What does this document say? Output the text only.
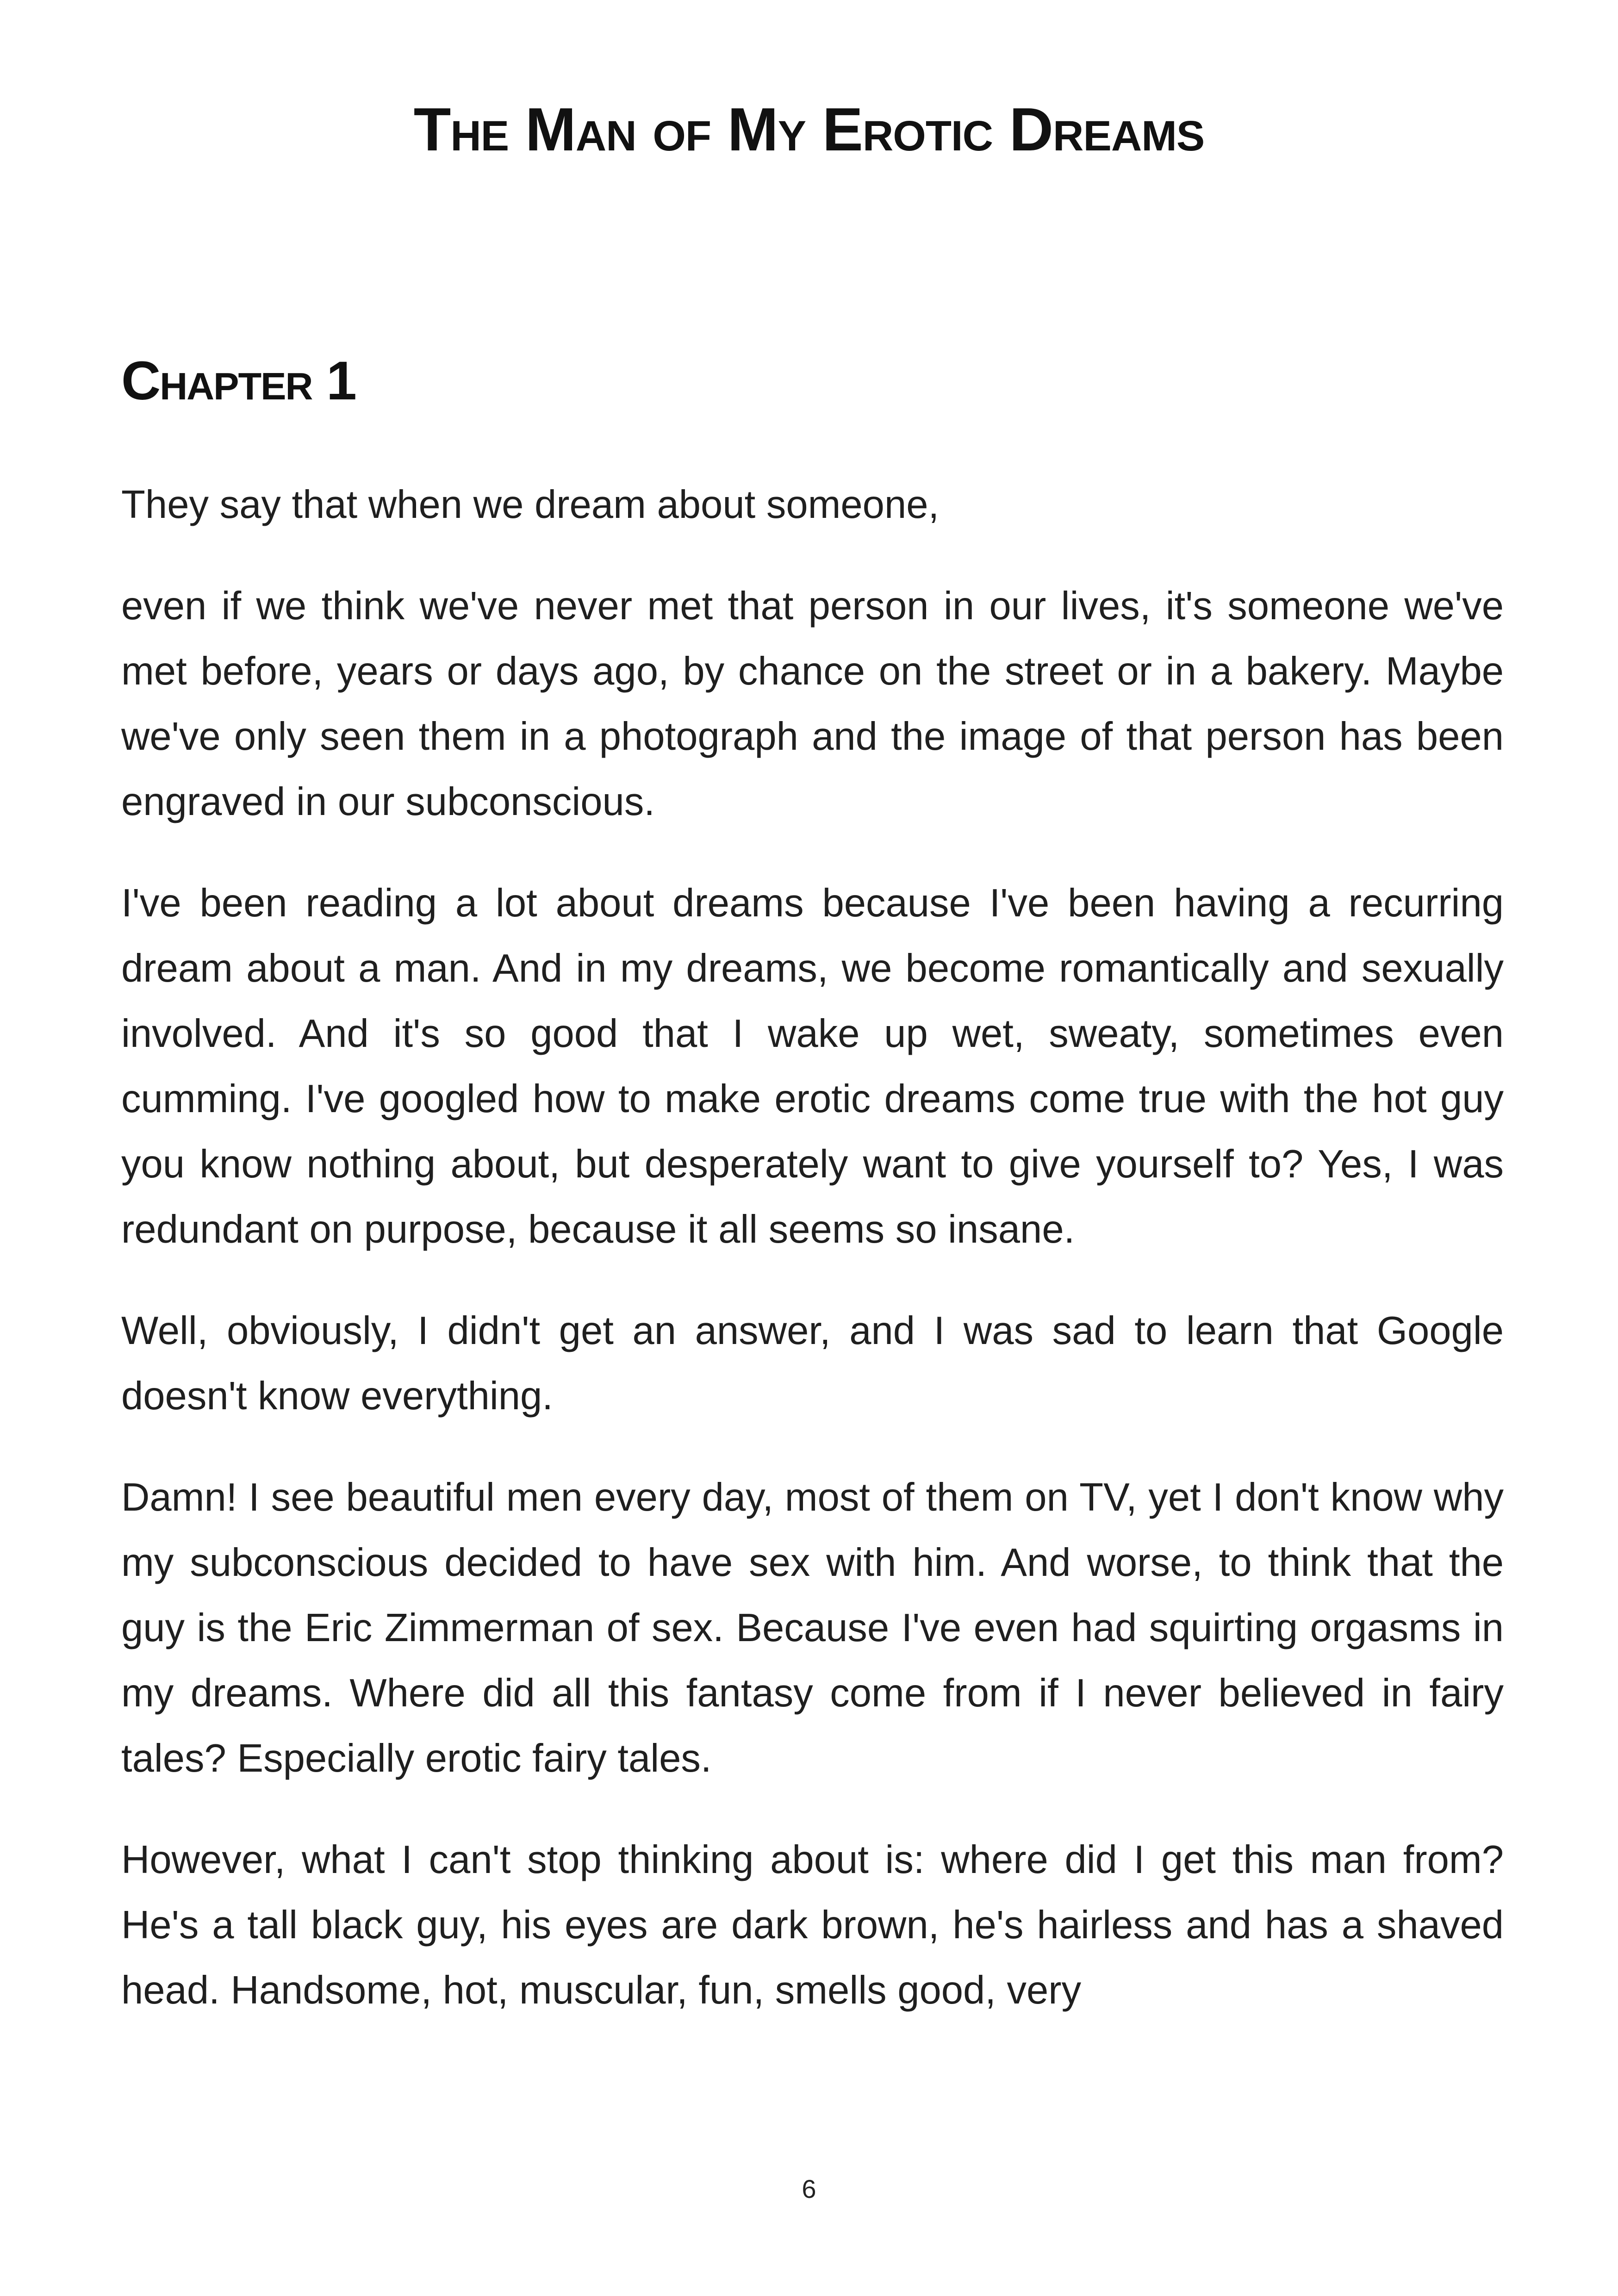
The Man of My Erotic Dreams
Chapter 1

They say that when we dream about someone,

even if we think we've never met that person in our lives, it's someone we've met before, years or days ago, by chance on the street or in a bakery. Maybe we've only seen them in a photograph and the image of that person has been engraved in our subconscious.

I've been reading a lot about dreams because I've been having a recurring dream about a man. And in my dreams, we become romantically and sexually involved. And it's so good that I wake up wet, sweaty, sometimes even cumming. I've googled how to make erotic dreams come true with the hot guy you know nothing about, but desperately want to give yourself to? Yes, I was redundant on purpose, because it all seems so insane.

Well, obviously, I didn't get an answer, and I was sad to learn that Google doesn't know everything.

Damn! I see beautiful men every day, most of them on TV, yet I don't know why my subconscious decided to have sex with him. And worse, to think that the guy is the Eric Zimmerman of sex. Because I've even had squirting orgasms in my dreams. Where did all this fantasy come from if I never believed in fairy tales? Especially erotic fairy tales.

However, what I can't stop thinking about is: where did I get this man from? He's a tall black guy, his eyes are dark brown, he's hairless and has a shaved head. Handsome, hot, muscular, fun, smells good, very

6
